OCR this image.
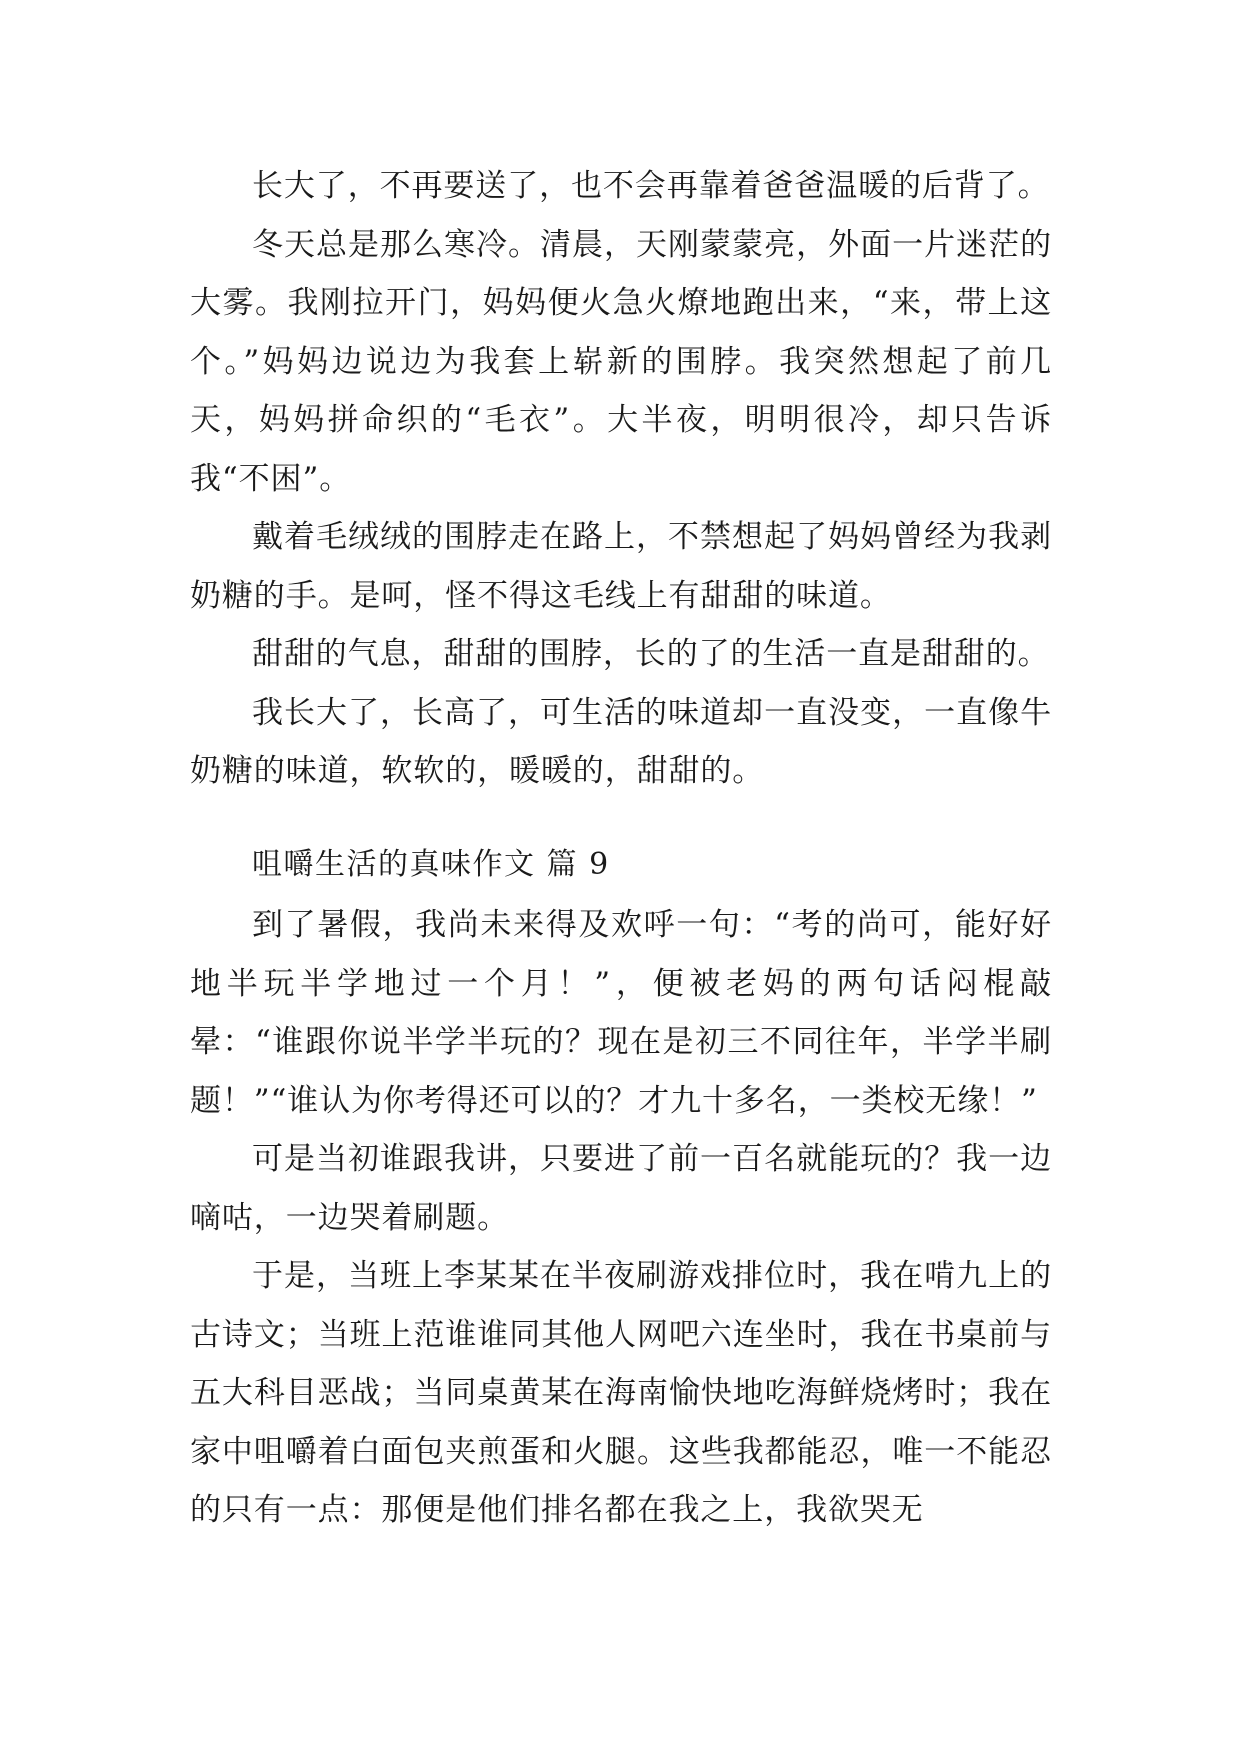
长大了，不再要送了，也不会再靠着爸爸温暖的后背了。

冬天总是那么寒冷。清晨，天刚蒙蒙亮，外面一片迷茫的大雾。我刚拉开门，妈妈便火急火燎地跑出来，“来，带上这个。”妈妈边说边为我套上崭新的围脖。我突然想起了前几天，妈妈拼命织的“毛衣”。大半夜，明明很冷，却只告诉我“不困”。

戴着毛绒绒的围脖走在路上，不禁想起了妈妈曾经为我剥奶糖的手。是呵，怪不得这毛线上有甜甜的味道。

甜甜的气息，甜甜的围脖，长的了的生活一直是甜甜的。

我长大了，长高了，可生活的味道却一直没变，一直像牛奶糖的味道，软软的，暖暖的，甜甜的。

咀嚼生活的真味作文 篇 9

到了暑假，我尚未来得及欢呼一句：“考的尚可，能好好地半玩半学地过一个月！”，便被老妈的两句话闷棍敲晕：“谁跟你说半学半玩的？现在是初三不同往年，半学半刷题！”“谁认为你考得还可以的？才九十多名，一类校无缘！”

可是当初谁跟我讲，只要进了前一百名就能玩的？我一边嘀咕，一边哭着刷题。

于是，当班上李某某在半夜刷游戏排位时，我在啃九上的古诗文；当班上范谁谁同其他人网吧六连坐时，我在书桌前与五大科目恶战；当同桌黄某在海南愉快地吃海鲜烧烤时；我在家中咀嚼着白面包夹煎蛋和火腿。这些我都能忍，唯一不能忍的只有一点：那便是他们排名都在我之上，我欲哭无
